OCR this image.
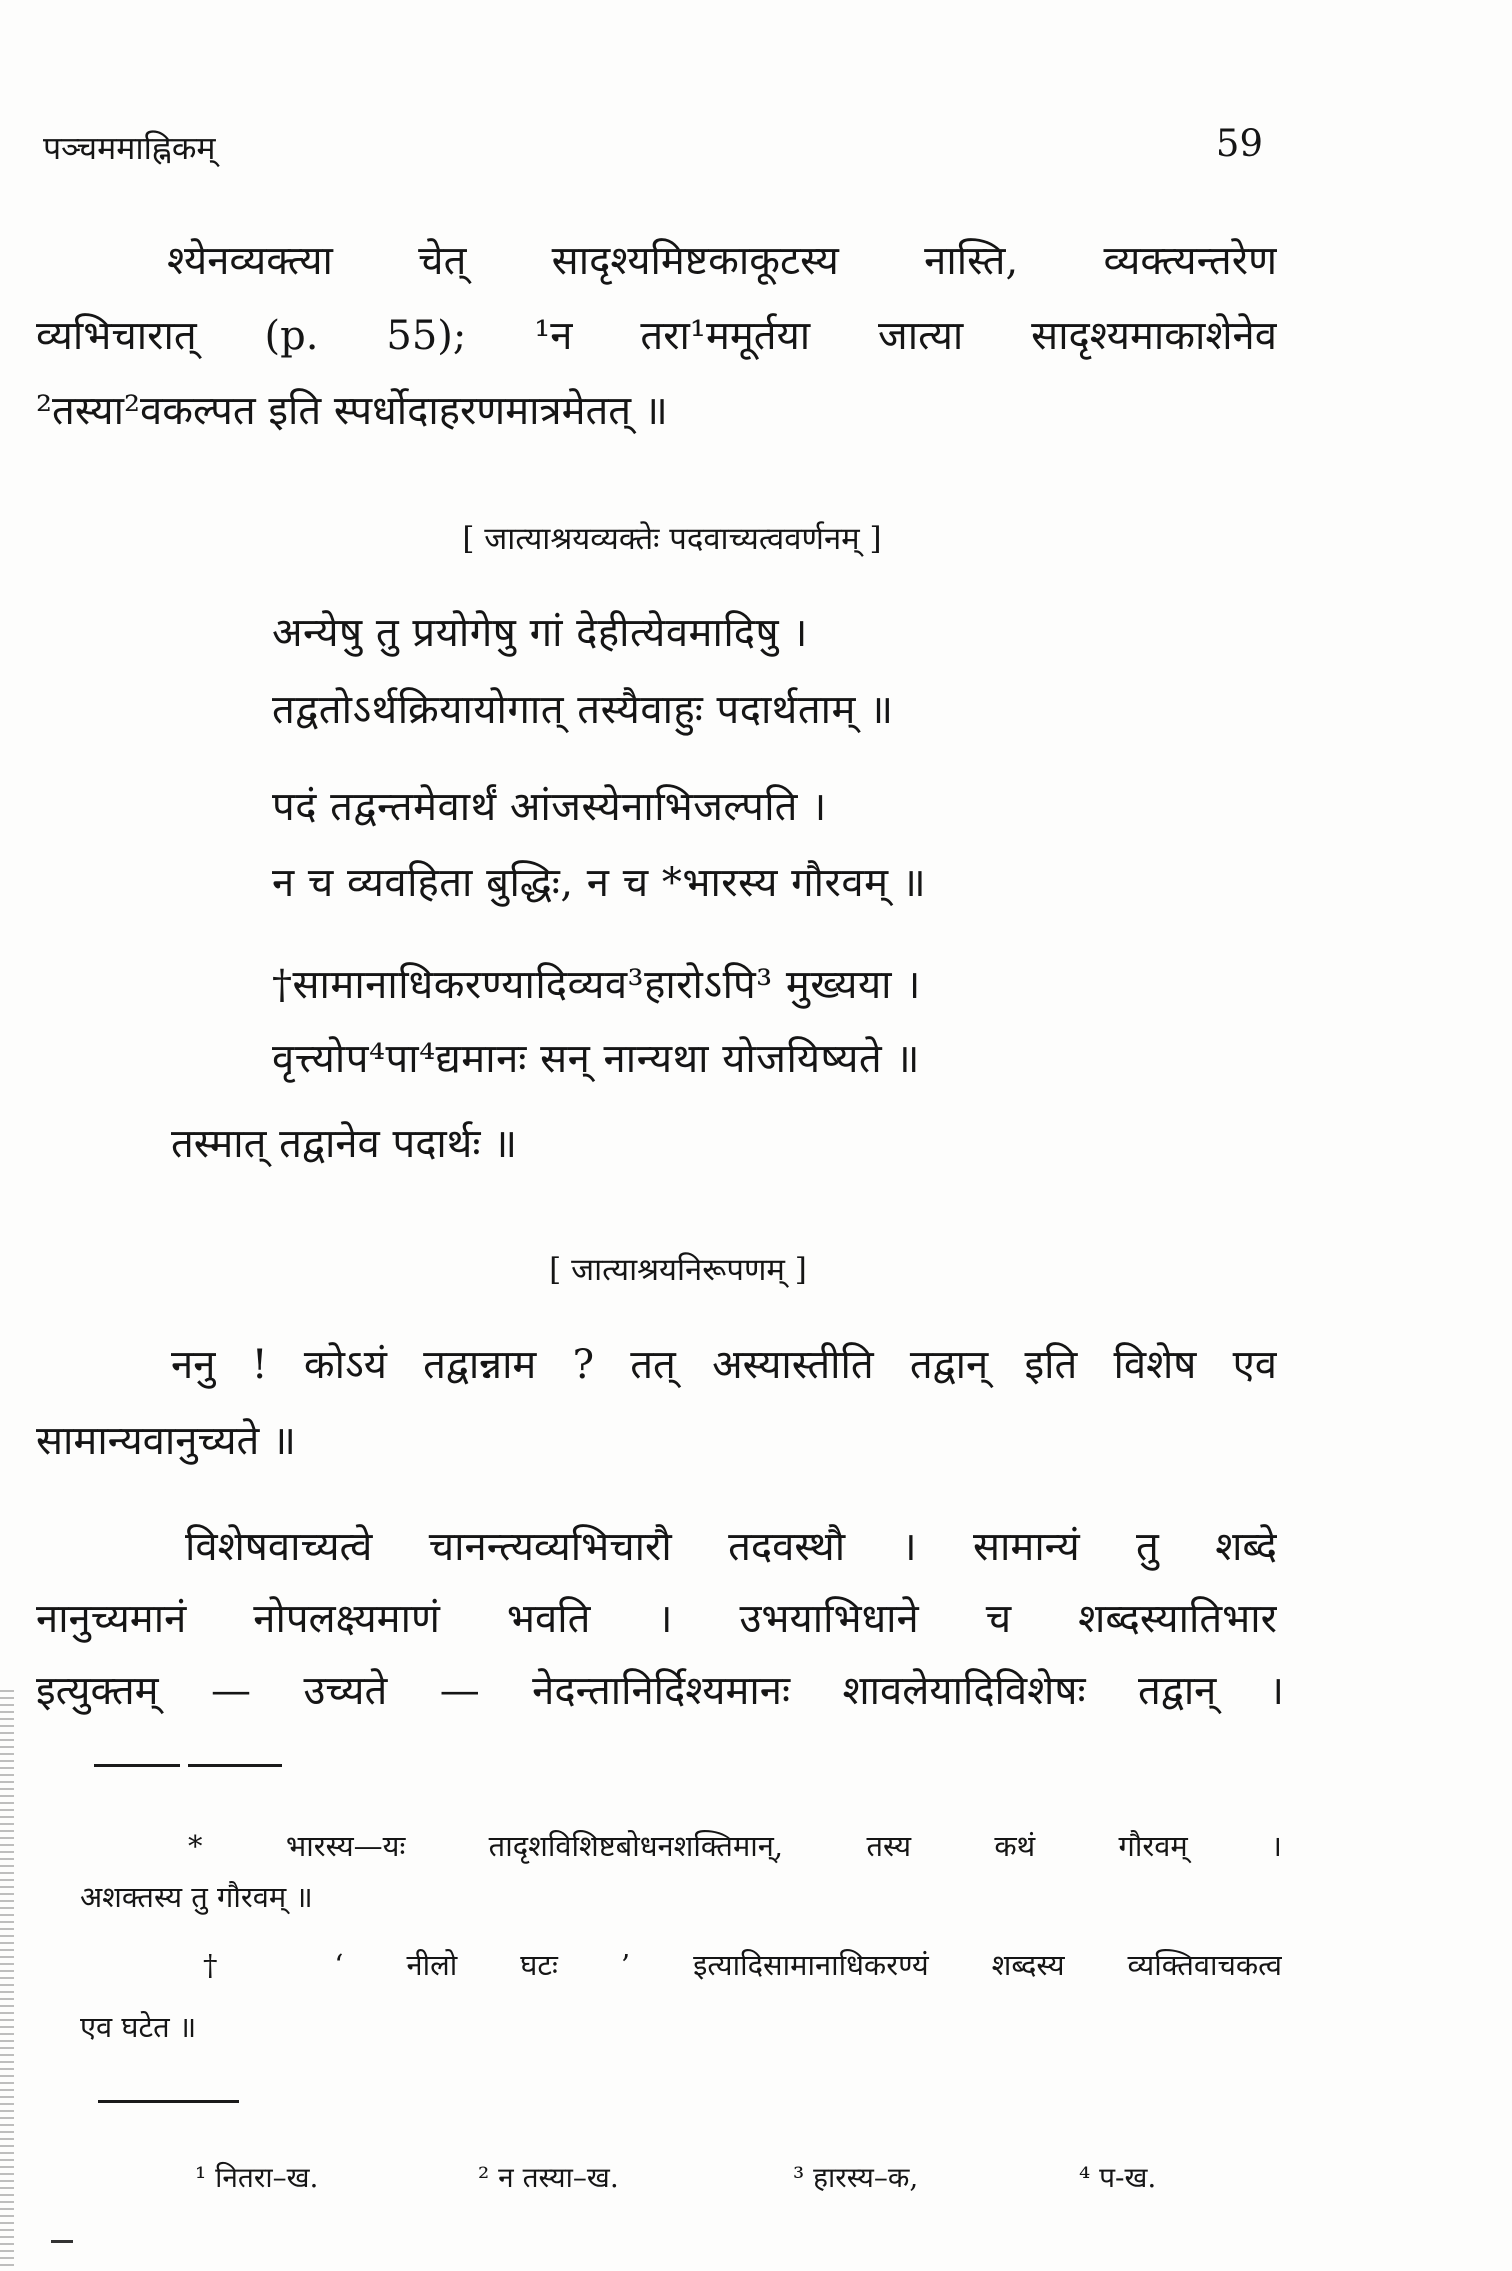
पञ्चममाह्निकम्	59
श्येनव्यक्त्या चेत् सादृश्यमिष्टकाकूटस्य नास्ति, व्यक्त्यन्तरेण
व्यभिचारात् (p. 55); ¹न तरा¹ममूर्तया जात्या सादृश्यमाकाशेनेव
²तस्या²वकल्पत इति स्पर्धोदाहरणमात्रमेतत् ॥
[ जात्याश्रयव्यक्तेः पदवाच्यत्ववर्णनम् ]
अन्येषु तु प्रयोगेषु गां देहीत्येवमादिषु ।
तद्वतोऽर्थक्रियायोगात् तस्यैवाहुः पदार्थताम् ॥
पदं तद्वन्तमेवार्थं आंजस्येनाभिजल्पति ।
न च व्यवहिता बुद्धिः, न च *भारस्य गौरवम् ॥
†सामानाधिकरण्यादिव्यव³हारोऽपि³ मुख्यया ।
वृत्त्योप⁴पा⁴द्यमानः सन् नान्यथा योजयिष्यते ॥
तस्मात् तद्वानेव पदार्थः ॥
[ जात्याश्रयनिरूपणम् ]
ननु ! कोऽयं तद्वान्नाम ? तत् अस्यास्तीति तद्वान् इति विशेष एव
सामान्यवानुच्यते ॥
विशेषवाच्यत्वे चानन्त्यव्यभिचारौ तदवस्थौ । सामान्यं तु शब्दे
नानुच्यमानं नोपलक्ष्यमाणं भवति । उभयाभिधाने च शब्दस्यातिभार
इत्युक्तम् — उच्यते — नेदन्तानिर्दिश्यमानः शावलेयादिविशेषः तद्वान् ।
* भारस्य—यः तादृशविशिष्टबोधनशक्तिमान्, तस्य कथं गौरवम् ।
अशक्तस्य तु गौरवम् ॥
† ‘ नीलो घटः ’ इत्यादिसामानाधिकरण्यं शब्दस्य व्यक्तिवाचकत्व
एव घटेत ॥
¹ नितरा–ख.	² न तस्या–ख.	³ हारस्य–क,	⁴ प-ख.
